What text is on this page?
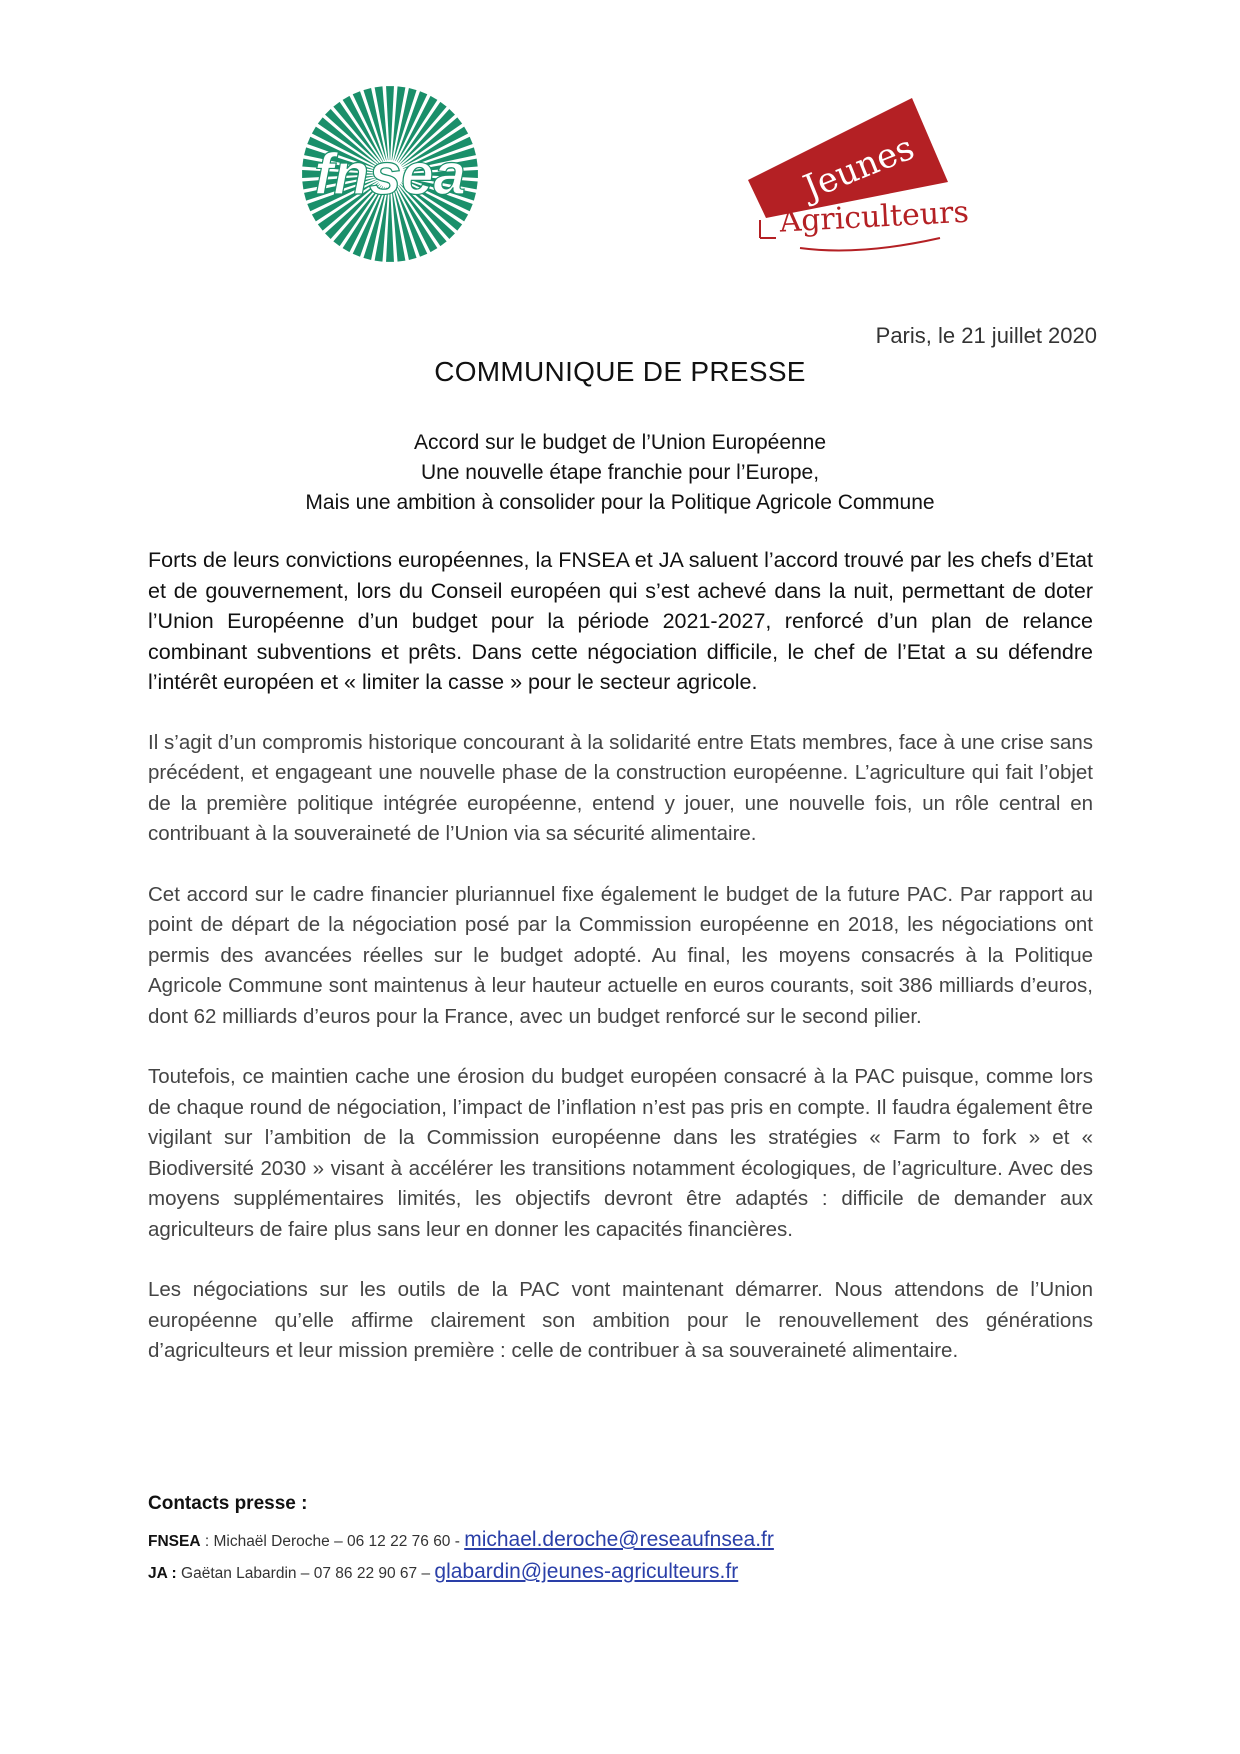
fnsea	Jeunes
Agriculteurs
Paris, le 21 juillet 2020
COMMUNIQUE DE PRESSE
Accord sur le budget de l’Union Européenne
Une nouvelle étape franchie pour l’Europe,
Mais une ambition à consolider pour la Politique Agricole Commune

Forts de leurs convictions européennes, la FNSEA et JA saluent l’accord trouvé par les chefs d’Etat et de gouvernement, lors du Conseil européen qui s’est achevé dans la nuit, permettant de doter l’Union Européenne d’un budget pour la période 2021-2027, renforcé d’un plan de relance combinant subventions et prêts. Dans cette négociation difficile, le chef de l’Etat a su défendre l’intérêt européen et « limiter la casse » pour le secteur agricole.

Il s’agit d’un compromis historique concourant à la solidarité entre Etats membres, face à une crise sans précédent, et engageant une nouvelle phase de la construction européenne. L’agriculture qui fait l’objet de la première politique intégrée européenne, entend y jouer, une nouvelle fois, un rôle central en contribuant à la souveraineté de l’Union via sa sécurité alimentaire.

Cet accord sur le cadre financier pluriannuel fixe également le budget de la future PAC. Par rapport au point de départ de la négociation posé par la Commission européenne en 2018, les négociations ont permis des avancées réelles sur le budget adopté. Au final, les moyens consacrés à la Politique Agricole Commune sont maintenus à leur hauteur actuelle en euros courants, soit 386 milliards d’euros, dont 62 milliards d’euros pour la France, avec un budget renforcé sur le second pilier.

Toutefois, ce maintien cache une érosion du budget européen consacré à la PAC puisque, comme lors de chaque round de négociation, l’impact de l’inflation n’est pas pris en compte. Il faudra également être vigilant sur l’ambition de la Commission européenne dans les stratégies « Farm to fork » et « Biodiversité 2030 » visant à accélérer les transitions notamment écologiques, de l’agriculture. Avec des moyens supplémentaires limités, les objectifs devront être adaptés : difficile de demander aux agriculteurs de faire plus sans leur en donner les capacités financières.

Les négociations sur les outils de la PAC vont maintenant démarrer. Nous attendons de l’Union européenne qu’elle affirme clairement son ambition pour le renouvellement des générations d’agriculteurs et leur mission première : celle de contribuer à sa souveraineté alimentaire.

Contacts presse :
FNSEA : Michaël Deroche – 06 12 22 76 60 - michael.deroche@reseaufnsea.fr
JA : Gaëtan Labardin – 07 86 22 90 67 – glabardin@jeunes-agriculteurs.fr
